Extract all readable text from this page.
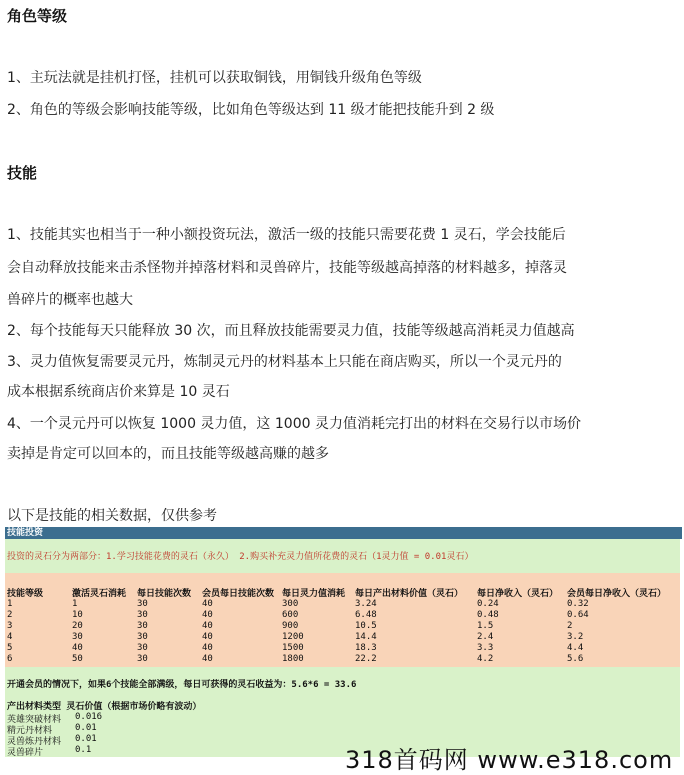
角色等级
1、主玩法就是挂机打怪，挂机可以获取铜钱，用铜钱升级角色等级
2、角色的等级会影响技能等级，比如角色等级达到 11 级才能把技能升到 2 级
技能
1、技能其实也相当于一种小额投资玩法，激活一级的技能只需要花费 1 灵石，学会技能后
会自动释放技能来击杀怪物并掉落材料和灵兽碎片，技能等级越高掉落的材料越多，掉落灵
兽碎片的概率也越大
2、每个技能每天只能释放 30 次，而且释放技能需要灵力值，技能等级越高消耗灵力值越高
3、灵力值恢复需要灵元丹，炼制灵元丹的材料基本上只能在商店购买，所以一个灵元丹的
成本根据系统商店价来算是 10 灵石
4、一个灵元丹可以恢复 1000 灵力值，这 1000 灵力值消耗完打出的材料在交易行以市场价
卖掉是肯定可以回本的，而且技能等级越高赚的越多
以下是技能的相关数据，仅供参考
技能投资
投资的灵石分为两部分：1.学习技能花费的灵石（永久） 2.购买补充灵力值所花费的灵石（1灵力值 = 0.01灵石）
技能等级	激活灵石消耗 每日技能次数 会员每日技能次数 每日灵力值消耗 每日产出材料价值（灵石） 每日净收入（灵石） 会员每日净收入（灵石）
1	1	30	40	300	3.24	0.24	0.32
2	10	30	40	600	6.48	0.48	0.64
3	20	30	40	900	10.5	1.5	2
4	30	30	40	1200	14.4	2.4	3.2
5	40	30	40	1500	18.3	3.3	4.4
6	50	30	40	1800	22.2	4.2	5.6
开通会员的情况下，如果6个技能全部满级，每日可获得的灵石收益为：5.6*6 = 33.6
产出材料类型 灵石价值（根据市场价略有波动）
英雄突破材料 0.016
精元丹材料	0.01
灵兽炼丹材料 0.01
灵兽碎片	0.1	318首码网 www.e318.com
